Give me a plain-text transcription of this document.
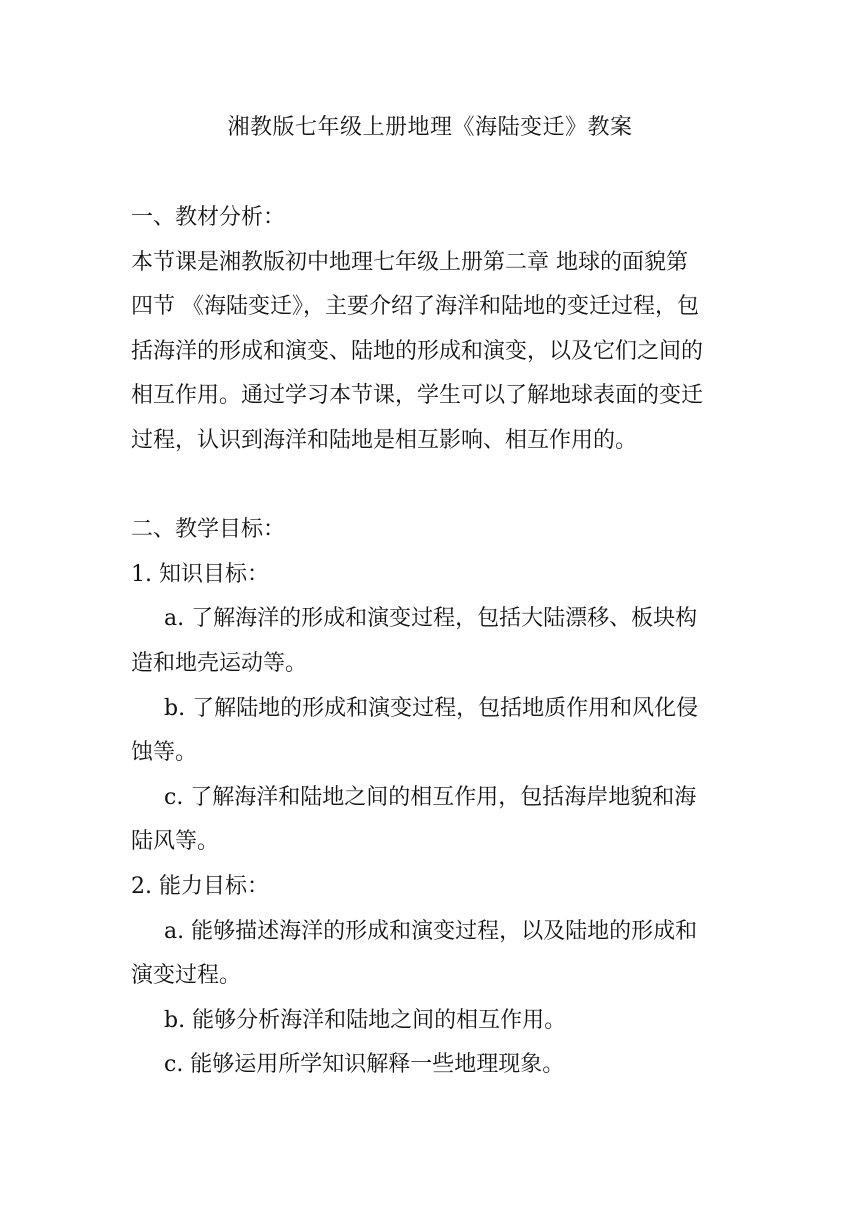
湘教版七年级上册地理《海陆变迁》教案
一、教材分析：
本节课是湘教版初中地理七年级上册第二章 地球的面貌第
四节 《海陆变迁》，主要介绍了海洋和陆地的变迁过程，包
括海洋的形成和演变、陆地的形成和演变，以及它们之间的
相互作用。通过学习本节课，学生可以了解地球表面的变迁
过程，认识到海洋和陆地是相互影响、相互作用的。
二、教学目标：
1. 知识目标：
a. 了解海洋的形成和演变过程，包括大陆漂移、板块构
造和地壳运动等。
b. 了解陆地的形成和演变过程，包括地质作用和风化侵
蚀等。
c. 了解海洋和陆地之间的相互作用，包括海岸地貌和海
陆风等。
2. 能力目标：
a. 能够描述海洋的形成和演变过程，以及陆地的形成和
演变过程。
b. 能够分析海洋和陆地之间的相互作用。
c. 能够运用所学知识解释一些地理现象。
